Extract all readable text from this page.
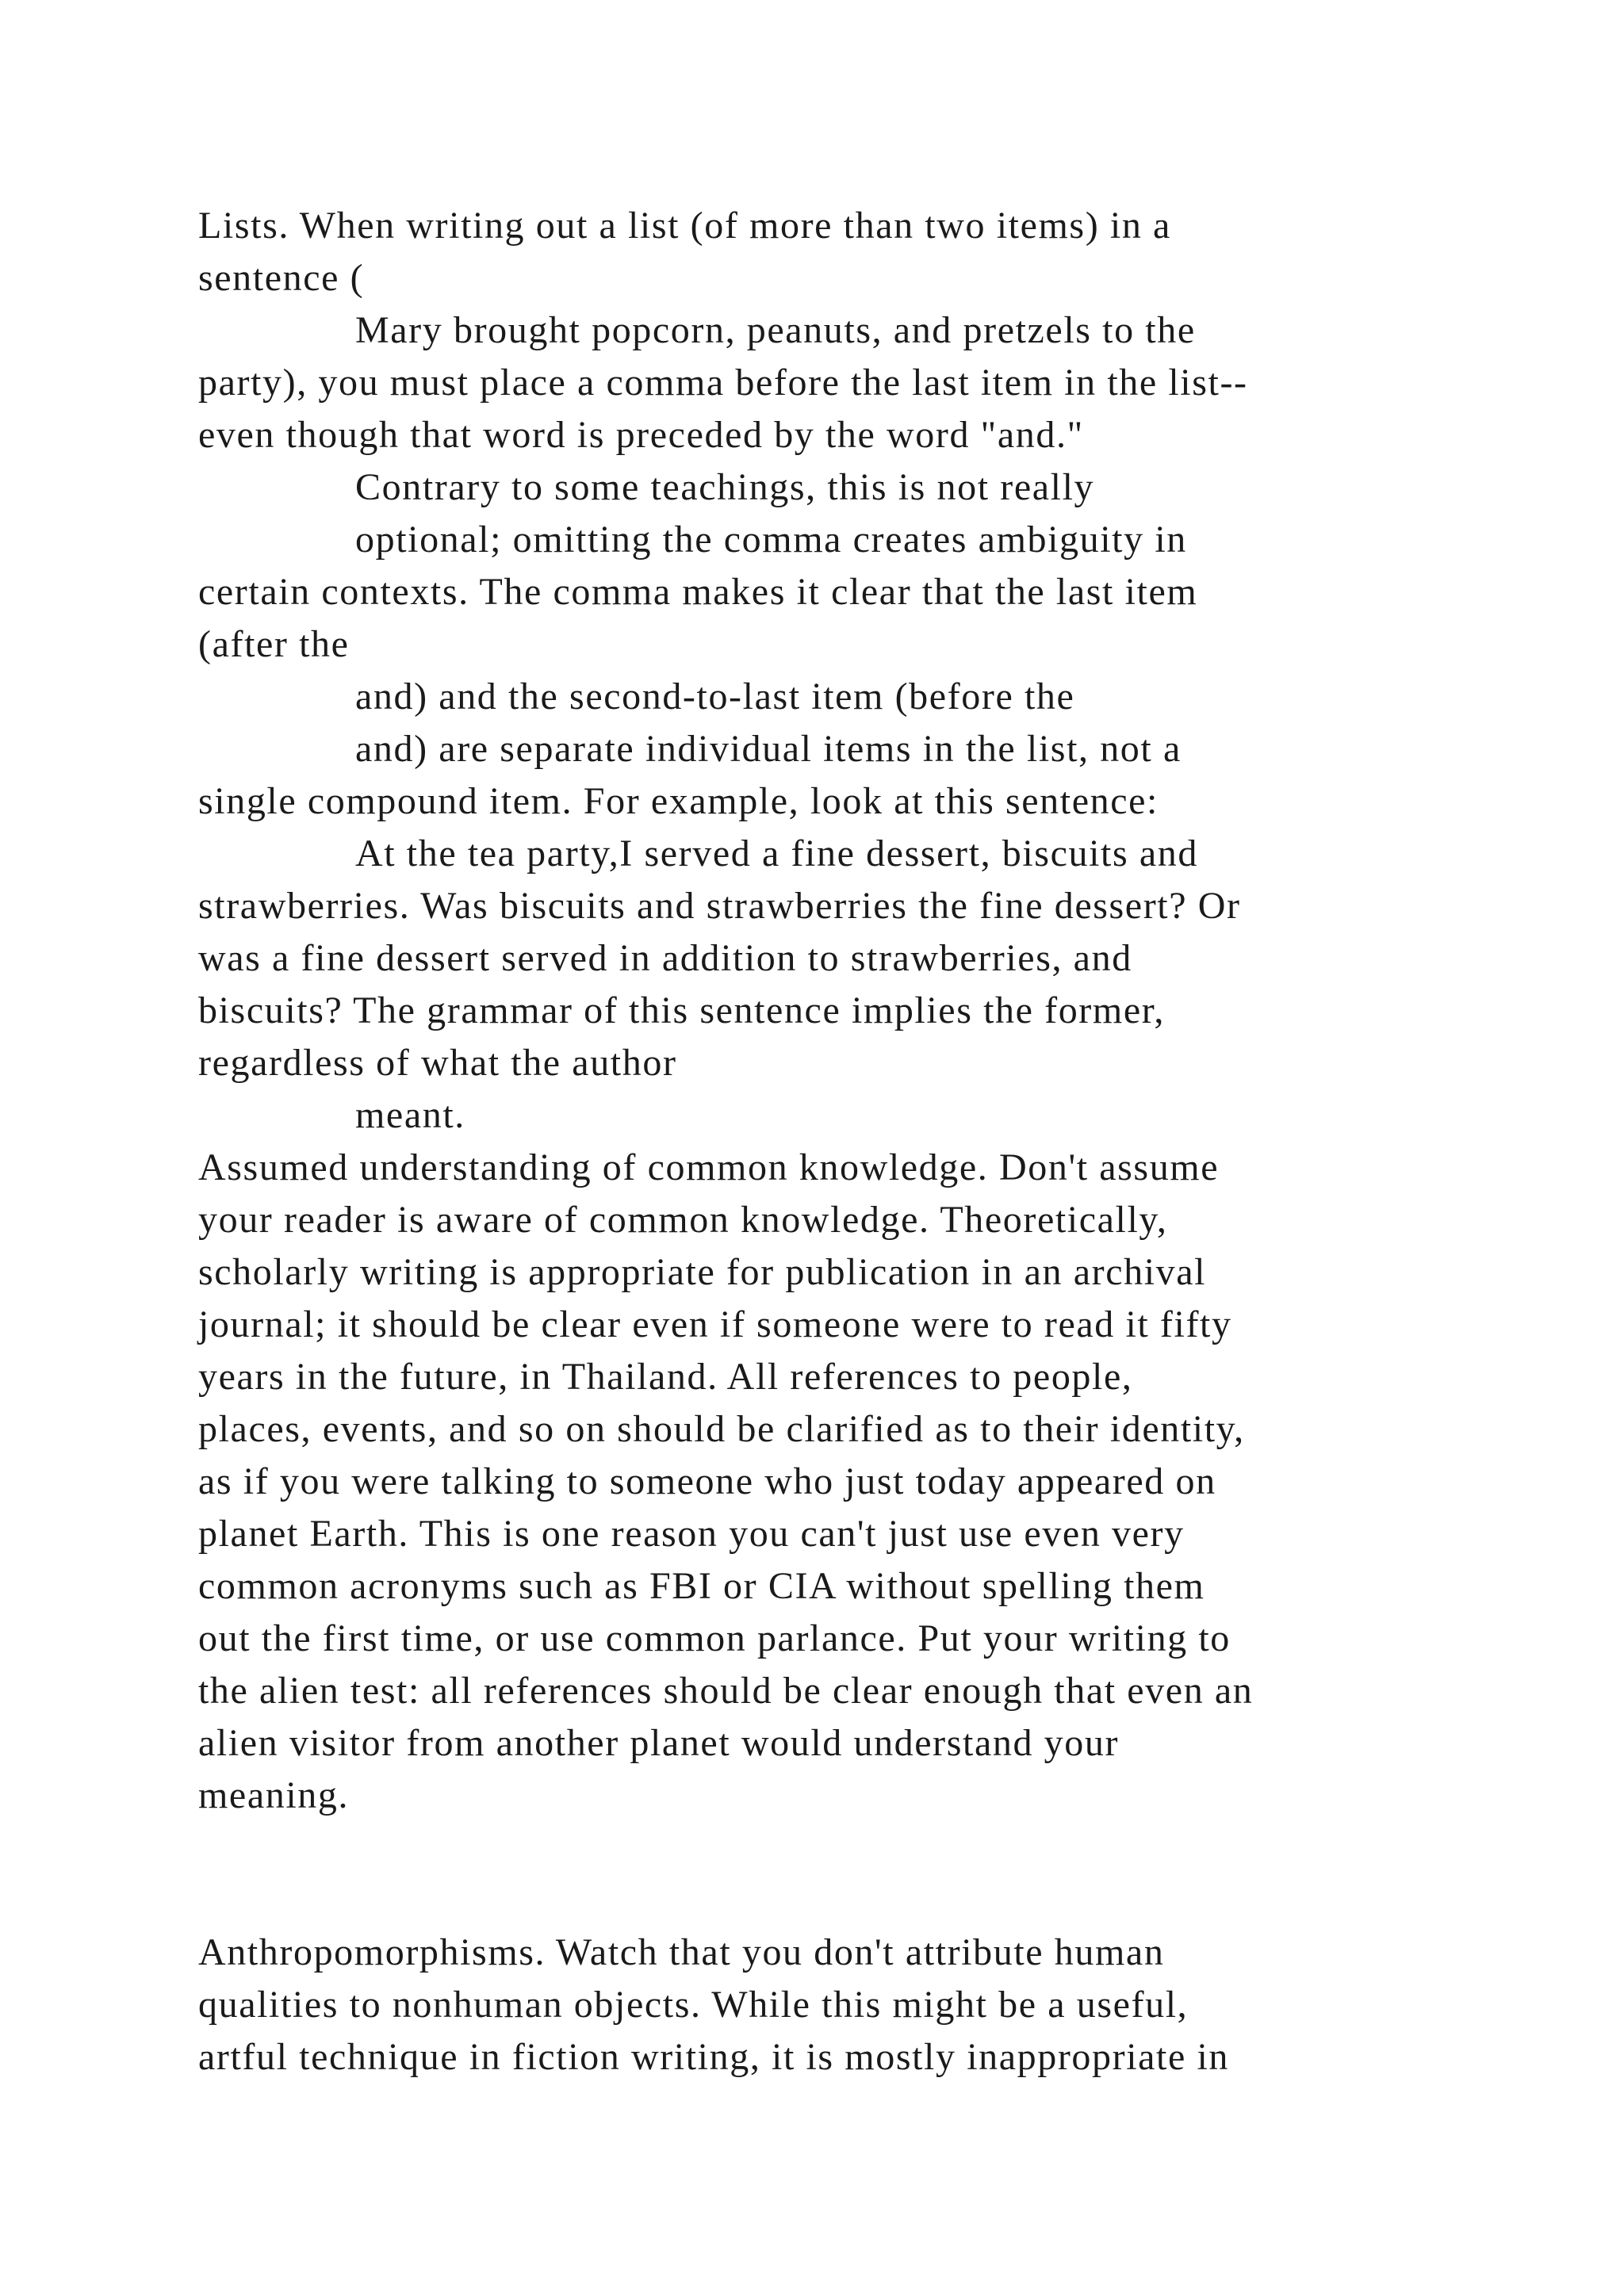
Lists. When writing out a list (of more than two items) in a
sentence (
Mary brought popcorn, peanuts, and pretzels to the
party), you must place a comma before the last item in the list--
even though that word is preceded by the word "and."
Contrary to some teachings, this is not really
optional; omitting the comma creates ambiguity in
certain contexts. The comma makes it clear that the last item
(after the
and) and the second-to-last item (before the
and) are separate individual items in the list, not a
single compound item. For example, look at this sentence:
At the tea party,I served a fine dessert, biscuits and
strawberries. Was biscuits and strawberries the fine dessert? Or
was a fine dessert served in addition to strawberries, and
biscuits? The grammar of this sentence implies the former,
regardless of what the author
meant.
Assumed understanding of common knowledge. Don't assume
your reader is aware of common knowledge. Theoretically,
scholarly writing is appropriate for publication in an archival
journal; it should be clear even if someone were to read it fifty
years in the future, in Thailand. All references to people,
places, events, and so on should be clarified as to their identity,
as if you were talking to someone who just today appeared on
planet Earth. This is one reason you can't just use even very
common acronyms such as FBI or CIA without spelling them
out the first time, or use common parlance. Put your writing to
the alien test: all references should be clear enough that even an
alien visitor from another planet would understand your
meaning.
Anthropomorphisms. Watch that you don't attribute human
qualities to nonhuman objects. While this might be a useful,
artful technique in fiction writing, it is mostly inappropriate in
